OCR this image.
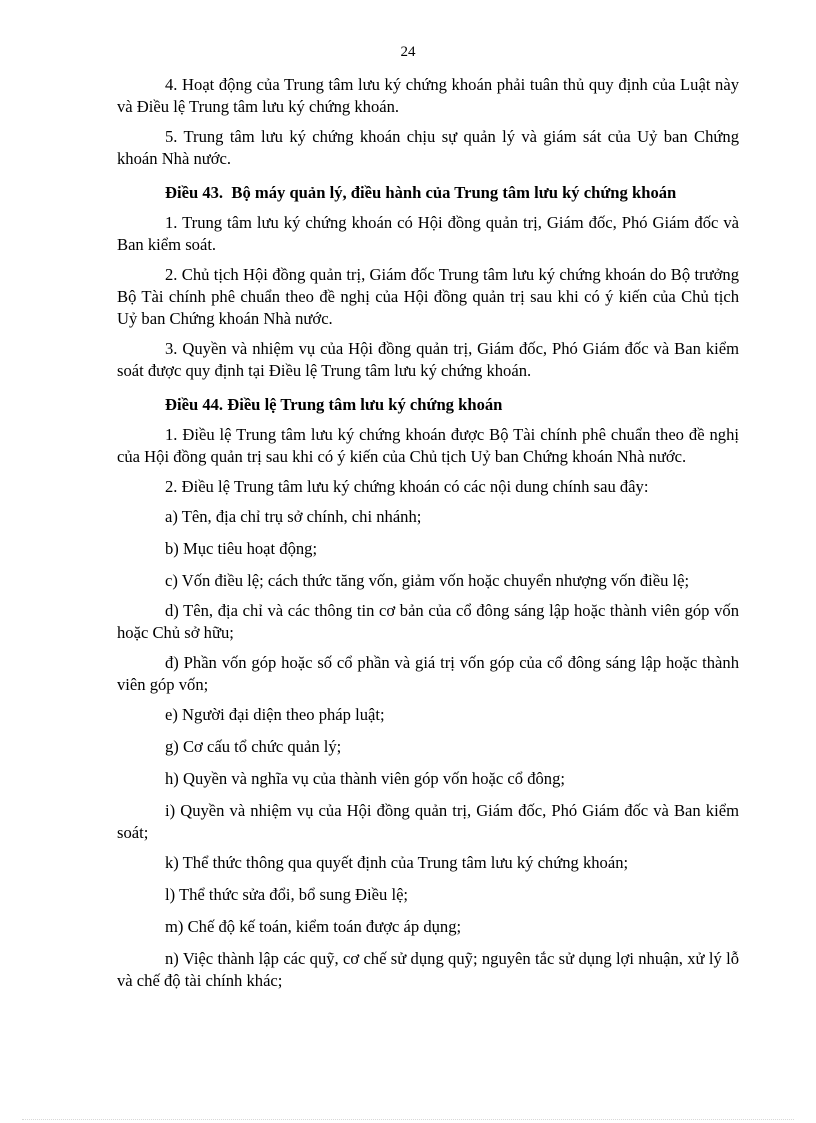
24

4. Hoạt động của Trung tâm lưu ký chứng khoán phải tuân thủ quy định của Luật này và Điều lệ Trung tâm lưu ký chứng khoán.

5. Trung tâm lưu ký chứng khoán chịu sự quản lý và giám sát của Uỷ ban Chứng khoán Nhà nước.

Điều 43. Bộ máy quản lý, điều hành của Trung tâm lưu ký chứng khoán

1. Trung tâm lưu ký chứng khoán có Hội đồng quản trị, Giám đốc, Phó Giám đốc và Ban kiểm soát.

2. Chủ tịch Hội đồng quản trị, Giám đốc Trung tâm lưu ký chứng khoán do Bộ trưởng Bộ Tài chính phê chuẩn theo đề nghị của Hội đồng quản trị sau khi có ý kiến của Chủ tịch Uỷ ban Chứng khoán Nhà nước.

3. Quyền và nhiệm vụ của Hội đồng quản trị, Giám đốc, Phó Giám đốc và Ban kiểm soát được quy định tại Điều lệ Trung tâm lưu ký chứng khoán.

Điều 44. Điều lệ Trung tâm lưu ký chứng khoán

1. Điều lệ Trung tâm lưu ký chứng khoán được Bộ Tài chính phê chuẩn theo đề nghị của Hội đồng quản trị sau khi có ý kiến của Chủ tịch Uỷ ban Chứng khoán Nhà nước.

2. Điều lệ Trung tâm lưu ký chứng khoán có các nội dung chính sau đây:

a) Tên, địa chỉ trụ sở chính, chi nhánh;

b) Mục tiêu hoạt động;

c) Vốn điều lệ; cách thức tăng vốn, giảm vốn hoặc chuyển nhượng vốn điều lệ;

d) Tên, địa chỉ và các thông tin cơ bản của cổ đông sáng lập hoặc thành viên góp vốn hoặc Chủ sở hữu;

đ) Phần vốn góp hoặc số cổ phần và giá trị vốn góp của cổ đông sáng lập hoặc thành viên góp vốn;

e) Người đại diện theo pháp luật;

g) Cơ cấu tổ chức quản lý;

h) Quyền và nghĩa vụ của thành viên góp vốn hoặc cổ đông;

i) Quyền và nhiệm vụ của Hội đồng quản trị, Giám đốc, Phó Giám đốc và Ban kiểm soát;

k) Thể thức thông qua quyết định của Trung tâm lưu ký chứng khoán;

l) Thể thức sửa đổi, bổ sung Điều lệ;

m) Chế độ kế toán, kiểm toán được áp dụng;

n) Việc thành lập các quỹ, cơ chế sử dụng quỹ; nguyên tắc sử dụng lợi nhuận, xử lý lỗ và chế độ tài chính khác;
